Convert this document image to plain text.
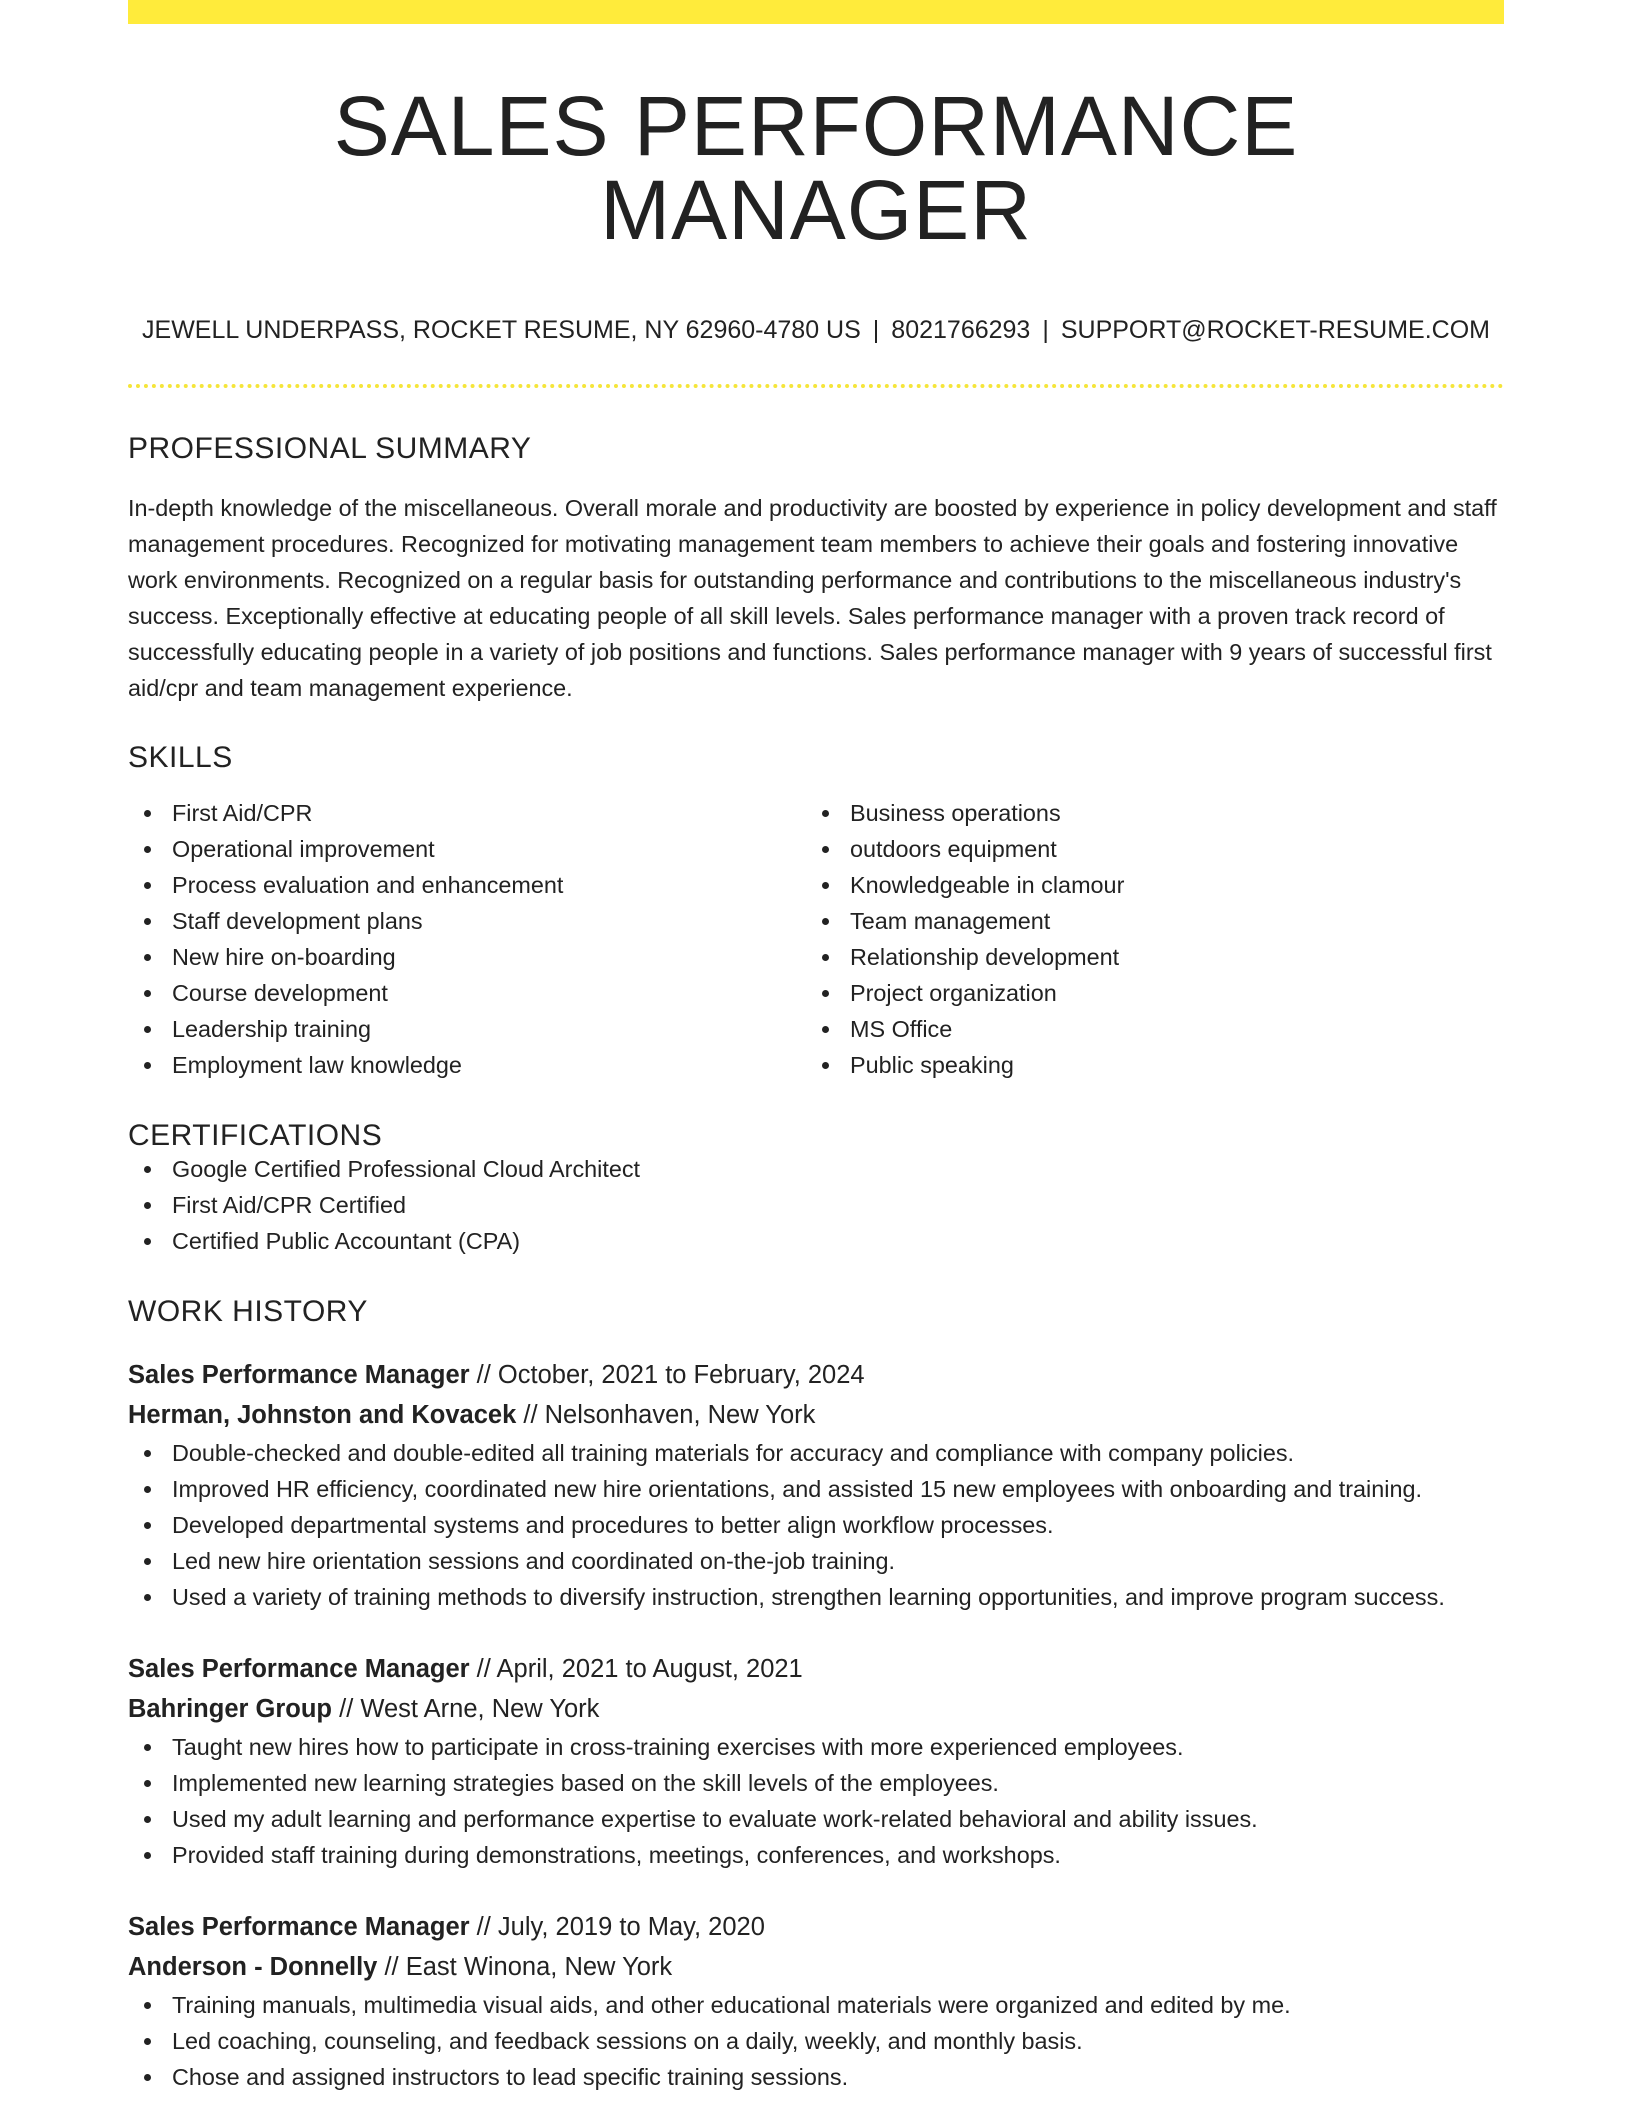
SALES PERFORMANCE MANAGER
JEWELL UNDERPASS, ROCKET RESUME, NY 62960-4780 US | 8021766293 | SUPPORT@ROCKET-RESUME.COM
PROFESSIONAL SUMMARY

In-depth knowledge of the miscellaneous. Overall morale and productivity are boosted by experience in policy development and staff management procedures. Recognized for motivating management team members to achieve their goals and fostering innovative work environments. Recognized on a regular basis for outstanding performance and contributions to the miscellaneous industry's success. Exceptionally effective at educating people of all skill levels. Sales performance manager with a proven track record of successfully educating people in a variety of job positions and functions. Sales performance manager with 9 years of successful first aid/cpr and team management experience.

SKILLS
First Aid/CPR
Operational improvement
Process evaluation and enhancement
Staff development plans
New hire on-boarding
Course development
Leadership training
Employment law knowledge
Business operations
outdoors equipment
Knowledgeable in clamour
Team management
Relationship development
Project organization
MS Office
Public speaking
CERTIFICATIONS
Google Certified Professional Cloud Architect
First Aid/CPR Certified
Certified Public Accountant (CPA)
WORK HISTORY
Sales Performance Manager // October, 2021 to February, 2024
Herman, Johnston and Kovacek // Nelsonhaven, New York
Double-checked and double-edited all training materials for accuracy and compliance with company policies.
Improved HR efficiency, coordinated new hire orientations, and assisted 15 new employees with onboarding and training.
Developed departmental systems and procedures to better align workflow processes.
Led new hire orientation sessions and coordinated on-the-job training.
Used a variety of training methods to diversify instruction, strengthen learning opportunities, and improve program success.
Sales Performance Manager // April, 2021 to August, 2021
Bahringer Group // West Arne, New York
Taught new hires how to participate in cross-training exercises with more experienced employees.
Implemented new learning strategies based on the skill levels of the employees.
Used my adult learning and performance expertise to evaluate work-related behavioral and ability issues.
Provided staff training during demonstrations, meetings, conferences, and workshops.
Sales Performance Manager // July, 2019 to May, 2020
Anderson - Donnelly // East Winona, New York
Training manuals, multimedia visual aids, and other educational materials were organized and edited by me.
Led coaching, counseling, and feedback sessions on a daily, weekly, and monthly basis.
Chose and assigned instructors to lead specific training sessions.
